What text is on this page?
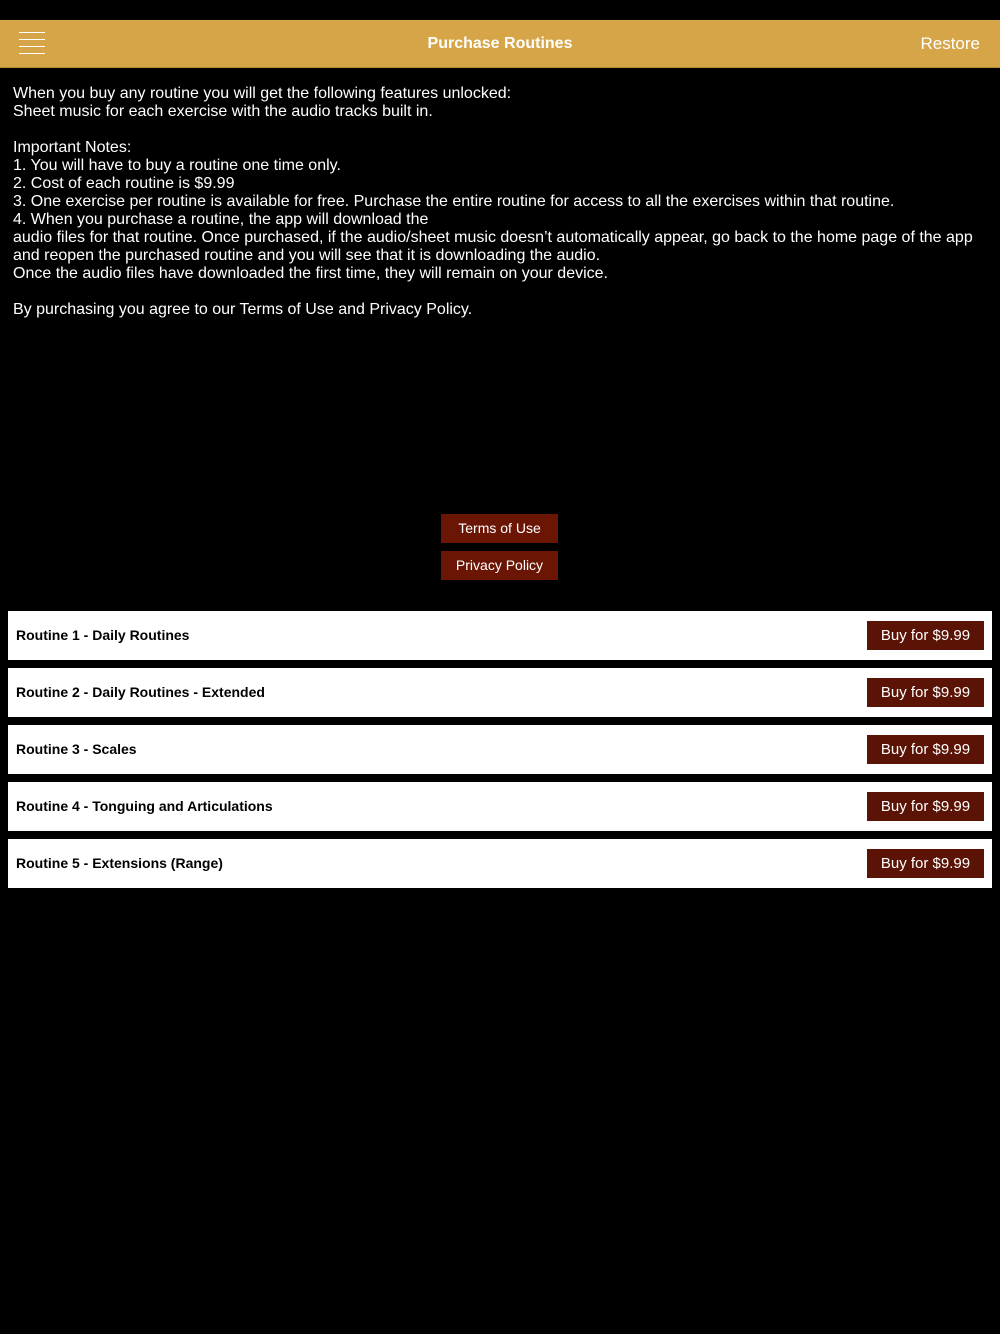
Purchase Routines	Restore
When you buy any routine you will get the following features unlocked:
Sheet music for each exercise with the audio tracks built in.
Important Notes:
1. You will have to buy a routine one time only.
2. Cost of each routine is $9.99
3. One exercise per routine is available for free. Purchase the entire routine for access to all the exercises within that routine.
4. When you purchase a routine, the app will download the
audio files for that routine. Once purchased, if the audio/sheet music doesn’t automatically appear, go back to the home page of the app and reopen the purchased routine and you will see that it is downloading the audio.
Once the audio files have downloaded the first time, they will remain on your device.
By purchasing you agree to our Terms of Use and Privacy Policy.
Terms of Use
Privacy Policy
Routine 1 - Daily Routines	Buy for $9.99
Routine 2 - Daily Routines - Extended	Buy for $9.99
Routine 3 - Scales	Buy for $9.99
Routine 4 - Tonguing and Articulations	Buy for $9.99
Routine 5 - Extensions (Range)	Buy for $9.99
